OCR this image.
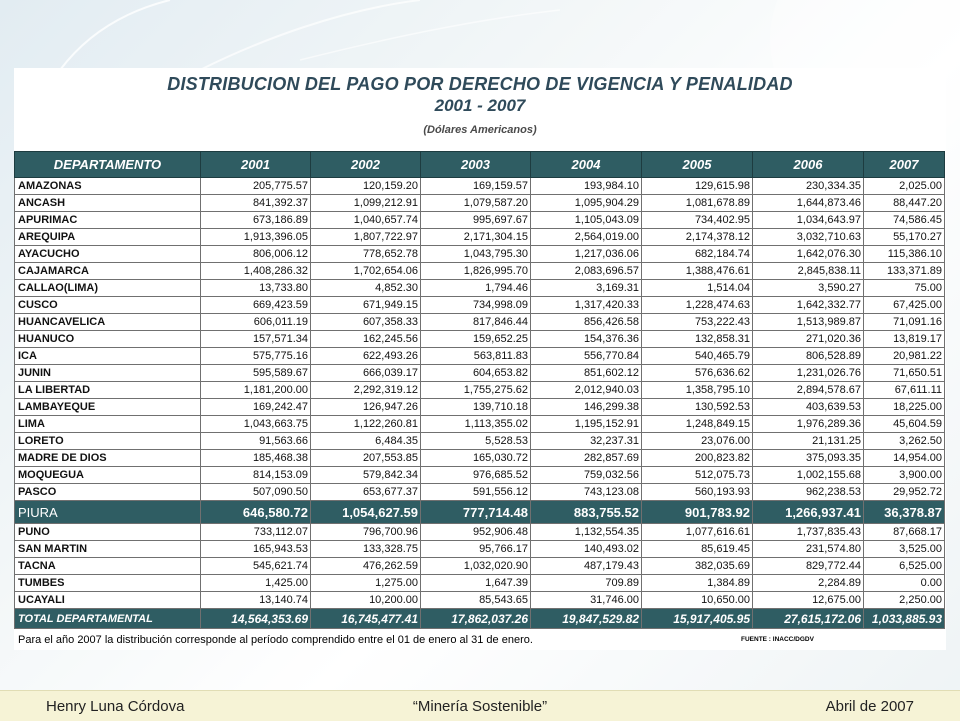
DISTRIBUCION DEL PAGO POR DERECHO DE VIGENCIA Y PENALIDAD
2001 - 2007
(Dólares Americanos)
DEPARTAMENTO	2001	2002	2003	2004	2005	2006	2007
AMAZONAS	205,775.57	120,159.20	169,159.57	193,984.10	129,615.98	230,334.35	2,025.00
ANCASH	841,392.37	1,099,212.91	1,079,587.20	1,095,904.29	1,081,678.89	1,644,873.46	88,447.20
APURIMAC	673,186.89	1,040,657.74	995,697.67	1,105,043.09	734,402.95	1,034,643.97	74,586.45
AREQUIPA	1,913,396.05	1,807,722.97	2,171,304.15	2,564,019.00	2,174,378.12	3,032,710.63	55,170.27
AYACUCHO	806,006.12	778,652.78	1,043,795.30	1,217,036.06	682,184.74	1,642,076.30	115,386.10
CAJAMARCA	1,408,286.32	1,702,654.06	1,826,995.70	2,083,696.57	1,388,476.61	2,845,838.11	133,371.89
CALLAO(LIMA)	13,733.80	4,852.30	1,794.46	3,169.31	1,514.04	3,590.27	75.00
CUSCO	669,423.59	671,949.15	734,998.09	1,317,420.33	1,228,474.63	1,642,332.77	67,425.00
HUANCAVELICA	606,011.19	607,358.33	817,846.44	856,426.58	753,222.43	1,513,989.87	71,091.16
HUANUCO	157,571.34	162,245.56	159,652.25	154,376.36	132,858.31	271,020.36	13,819.17
ICA	575,775.16	622,493.26	563,811.83	556,770.84	540,465.79	806,528.89	20,981.22
JUNIN	595,589.67	666,039.17	604,653.82	851,602.12	576,636.62	1,231,026.76	71,650.51
LA LIBERTAD	1,181,200.00	2,292,319.12	1,755,275.62	2,012,940.03	1,358,795.10	2,894,578.67	67,611.11
LAMBAYEQUE	169,242.47	126,947.26	139,710.18	146,299.38	130,592.53	403,639.53	18,225.00
LIMA	1,043,663.75	1,122,260.81	1,113,355.02	1,195,152.91	1,248,849.15	1,976,289.36	45,604.59
LORETO	91,563.66	6,484.35	5,528.53	32,237.31	23,076.00	21,131.25	3,262.50
MADRE DE DIOS	185,468.38	207,553.85	165,030.72	282,857.69	200,823.82	375,093.35	14,954.00
MOQUEGUA	814,153.09	579,842.34	976,685.52	759,032.56	512,075.73	1,002,155.68	3,900.00
PASCO	507,090.50	653,677.37	591,556.12	743,123.08	560,193.93	962,238.53	29,952.72
PIURA	646,580.72	1,054,627.59	777,714.48	883,755.52	901,783.92	1,266,937.41	36,378.87
PUNO	733,112.07	796,700.96	952,906.48	1,132,554.35	1,077,616.61	1,737,835.43	87,668.17
SAN MARTIN	165,943.53	133,328.75	95,766.17	140,493.02	85,619.45	231,574.80	3,525.00
TACNA	545,621.74	476,262.59	1,032,020.90	487,179.43	382,035.69	829,772.44	6,525.00
TUMBES	1,425.00	1,275.00	1,647.39	709.89	1,384.89	2,284.89	0.00
UCAYALI	13,140.74	10,200.00	85,543.65	31,746.00	10,650.00	12,675.00	2,250.00
TOTAL DEPARTAMENTAL	14,564,353.69	16,745,477.41	17,862,037.26	19,847,529.82	15,917,405.95	27,615,172.06	1,033,885.93
Para el año 2007 la distribución corresponde al período comprendido entre el 01 de enero al 31 de enero.	FUENTE : INACC/DGDV
Henry Luna Córdova	“Minería Sostenible”	Abril de 2007
